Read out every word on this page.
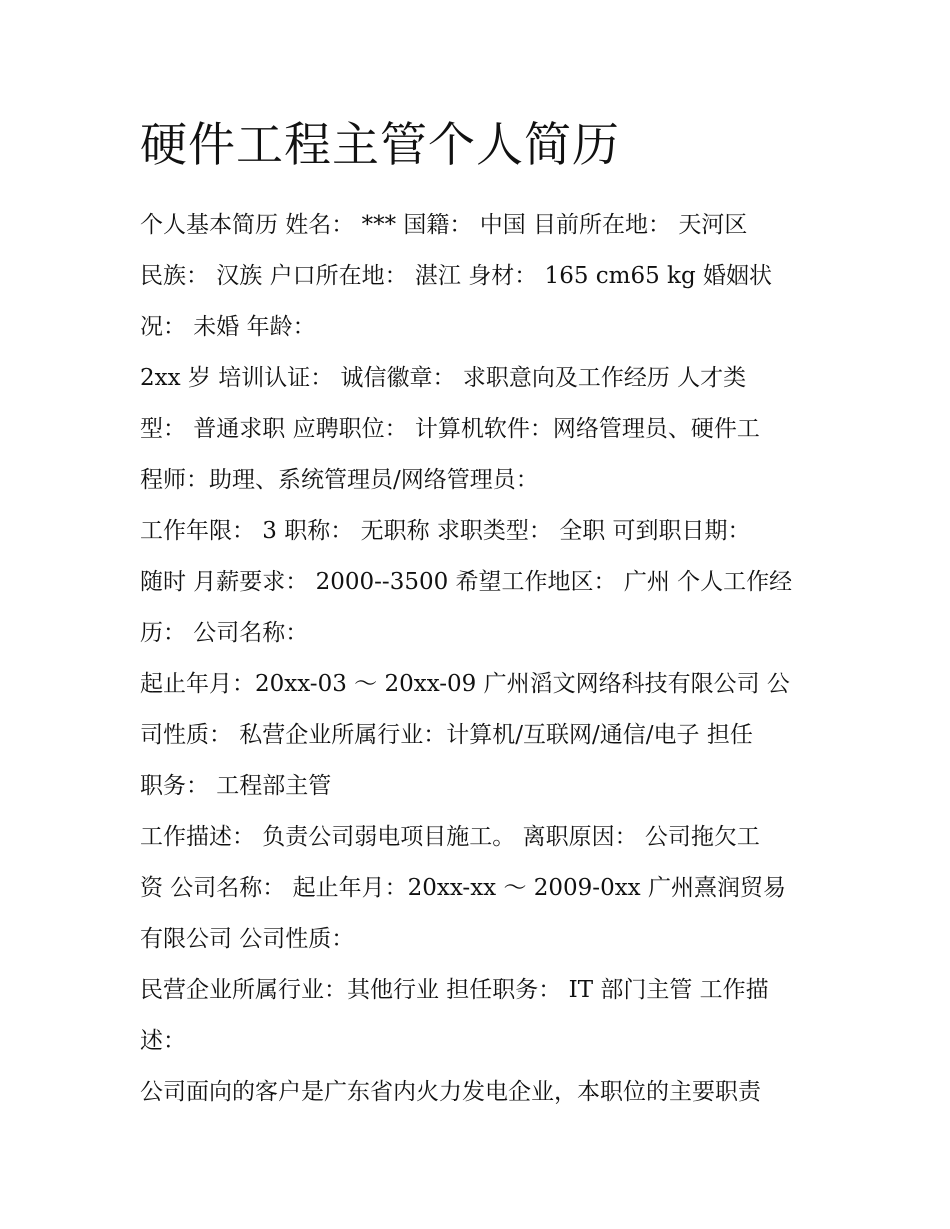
硬件工程主管个人简历
个人基本简历 姓名： *** 国籍： 中国 目前所在地： 天河区
民族： 汉族 户口所在地： 湛江 身材： 165 cm65 kg 婚姻状
况： 未婚 年龄：
2xx 岁 培训认证： 诚信徽章： 求职意向及工作经历 人才类
型： 普通求职 应聘职位： 计算机软件：网络管理员、硬件工
程师：助理、系统管理员/网络管理员：
工作年限： 3 职称： 无职称 求职类型： 全职 可到职日期：
随时 月薪要求： 2000--3500 希望工作地区： 广州 个人工作经
历： 公司名称：
起止年月：20xx-03 ～ 20xx-09 广州滔文网络科技有限公司 公
司性质： 私营企业所属行业：计算机/互联网/通信/电子 担任
职务： 工程部主管
工作描述： 负责公司弱电项目施工。 离职原因： 公司拖欠工
资 公司名称： 起止年月：20xx-xx ～ 2009-0xx 广州熹润贸易
有限公司 公司性质：
民营企业所属行业：其他行业 担任职务： IT 部门主管 工作描
述：
公司面向的客户是广东省内火力发电企业，本职位的主要职责
